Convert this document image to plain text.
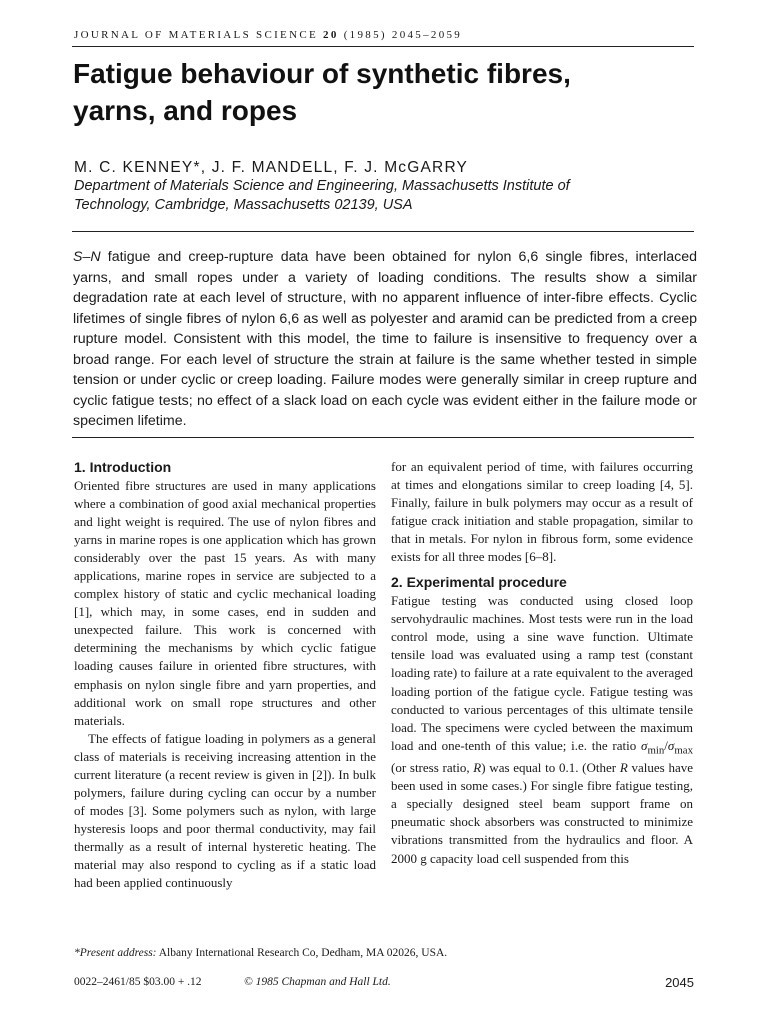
JOURNAL OF MATERIALS SCIENCE 20 (1985) 2045–2059
Fatigue behaviour of synthetic fibres,
yarns, and ropes
M. C. KENNEY*, J. F. MANDELL, F. J. McGARRY
Department of Materials Science and Engineering, Massachusetts Institute of
Technology, Cambridge, Massachusetts 02139, USA
S–N fatigue and creep-rupture data have been obtained for nylon 6,6 single fibres, interlaced yarns, and small ropes under a variety of loading conditions. The results show a similar degradation rate at each level of structure, with no apparent influence of inter-fibre effects. Cyclic lifetimes of single fibres of nylon 6,6 as well as polyester and aramid can be predicted from a creep rupture model. Consistent with this model, the time to failure is insensitive to frequency over a broad range. For each level of structure the strain at failure is the same whether tested in simple tension or under cyclic or creep loading. Failure modes were generally similar in creep rupture and cyclic fatigue tests; no effect of a slack load on each cycle was evident either in the failure mode or specimen lifetime.
1. Introduction

Oriented fibre structures are used in many applications where a combination of good axial mechanical properties and light weight is required. The use of nylon fibres and yarns in marine ropes is one application which has grown considerably over the past 15 years. As with many applications, marine ropes in service are subjected to a complex history of static and cyclic mechanical loading [1], which may, in some cases, end in sudden and unexpected failure. This work is concerned with determining the mechanisms by which cyclic fatigue loading causes failure in oriented fibre structures, with emphasis on nylon single fibre and yarn properties, and additional work on small rope structures and other materials.

The effects of fatigue loading in polymers as a general class of materials is receiving increasing attention in the current literature (a recent review is given in [2]). In bulk polymers, failure during cycling can occur by a number of modes [3]. Some polymers such as nylon, with large hysteresis loops and poor thermal conductivity, may fail thermally as a result of internal hysteretic heating. The material may also respond to cycling as if a static load had been applied continuously

for an equivalent period of time, with failures occurring at times and elongations similar to creep loading [4, 5]. Finally, failure in bulk polymers may occur as a result of fatigue crack initiation and stable propagation, similar to that in metals. For nylon in fibrous form, some evidence exists for all three modes [6–8].

2. Experimental procedure

Fatigue testing was conducted using closed loop servohydraulic machines. Most tests were run in the load control mode, using a sine wave function. Ultimate tensile load was evaluated using a ramp test (constant loading rate) to failure at a rate equivalent to the averaged loading portion of the fatigue cycle. Fatigue testing was conducted to various percentages of this ultimate tensile load. The specimens were cycled between the maximum load and one-tenth of this value; i.e. the ratio $\sigma_{min}/\sigma_{max}$ (or stress ratio, R) was equal to 0.1. (Other R values have been used in some cases.) For single fibre fatigue testing, a specially designed steel beam support frame on pneumatic shock absorbers was constructed to minimize vibrations transmitted from the hydraulics and floor. A 2000 g capacity load cell suspended from this

*Present address: Albany International Research Co, Dedham, MA 02026, USA.
0022–2461/85 $03.00 + .12	© 1985 Chapman and Hall Ltd.	2045
